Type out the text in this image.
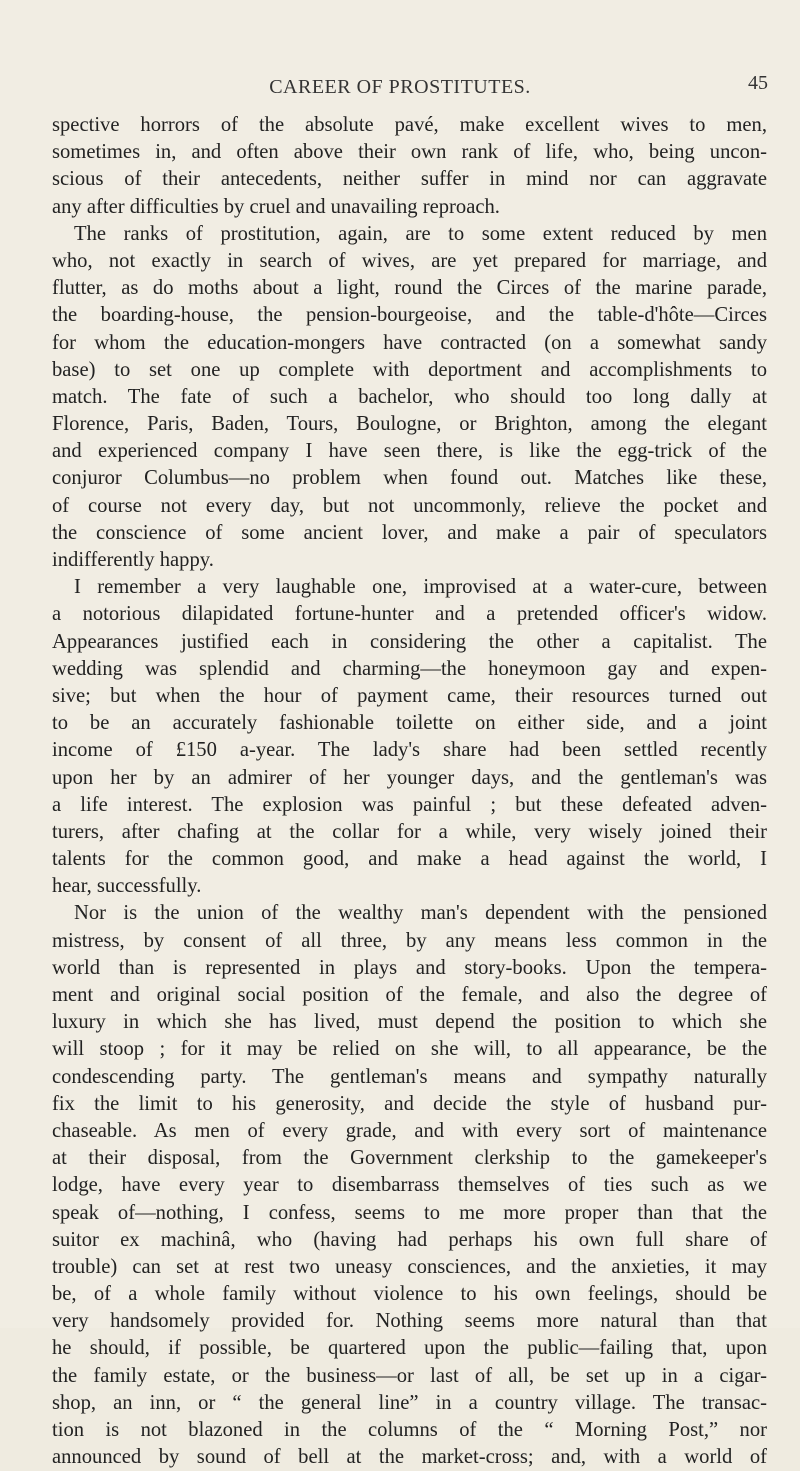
CAREER OF PROSTITUTES.	45
spective horrors of the absolute pavé, make excellent wives to men,
sometimes in, and often above their own rank of life, who, being uncon-
scious of their antecedents, neither suffer in mind nor can aggravate
any after difficulties by cruel and unavailing reproach.
The ranks of prostitution, again, are to some extent reduced by men
who, not exactly in search of wives, are yet prepared for marriage, and
flutter, as do moths about a light, round the Circes of the marine parade,
the boarding-house, the pension-bourgeoise, and the table-d'hôte—Circes
for whom the education-mongers have contracted (on a somewhat sandy
base) to set one up complete with deportment and accomplishments to
match. The fate of such a bachelor, who should too long dally at
Florence, Paris, Baden, Tours, Boulogne, or Brighton, among the elegant
and experienced company I have seen there, is like the egg-trick of the
conjuror Columbus—no problem when found out. Matches like these,
of course not every day, but not uncommonly, relieve the pocket and
the conscience of some ancient lover, and make a pair of speculators
indifferently happy.
I remember a very laughable one, improvised at a water-cure, between
a notorious dilapidated fortune-hunter and a pretended officer's widow.
Appearances justified each in considering the other a capitalist. The
wedding was splendid and charming—the honeymoon gay and expen-
sive; but when the hour of payment came, their resources turned out
to be an accurately fashionable toilette on either side, and a joint
income of £150 a-year. The lady's share had been settled recently
upon her by an admirer of her younger days, and the gentleman's was
a life interest. The explosion was painful ; but these defeated adven-
turers, after chafing at the collar for a while, very wisely joined their
talents for the common good, and make a head against the world, I
hear, successfully.
Nor is the union of the wealthy man's dependent with the pensioned
mistress, by consent of all three, by any means less common in the
world than is represented in plays and story-books. Upon the tempera-
ment and original social position of the female, and also the degree of
luxury in which she has lived, must depend the position to which she
will stoop ; for it may be relied on she will, to all appearance, be the
condescending party. The gentleman's means and sympathy naturally
fix the limit to his generosity, and decide the style of husband pur-
chaseable. As men of every grade, and with every sort of maintenance
at their disposal, from the Government clerkship to the gamekeeper's
lodge, have every year to disembarrass themselves of ties such as we
speak of—nothing, I confess, seems to me more proper than that the
suitor ex machinâ, who (having had perhaps his own full share of
trouble) can set at rest two uneasy consciences, and the anxieties, it may
be, of a whole family without violence to his own feelings, should be
very handsomely provided for. Nothing seems more natural than that
he should, if possible, be quartered upon the public—failing that, upon
the family estate, or the business—or last of all, be set up in a cigar-
shop, an inn, or “ the general line” in a country village. The transac-
tion is not blazoned in the columns of the “ Morning Post,” nor
announced by sound of bell at the market-cross; and, with a world of
